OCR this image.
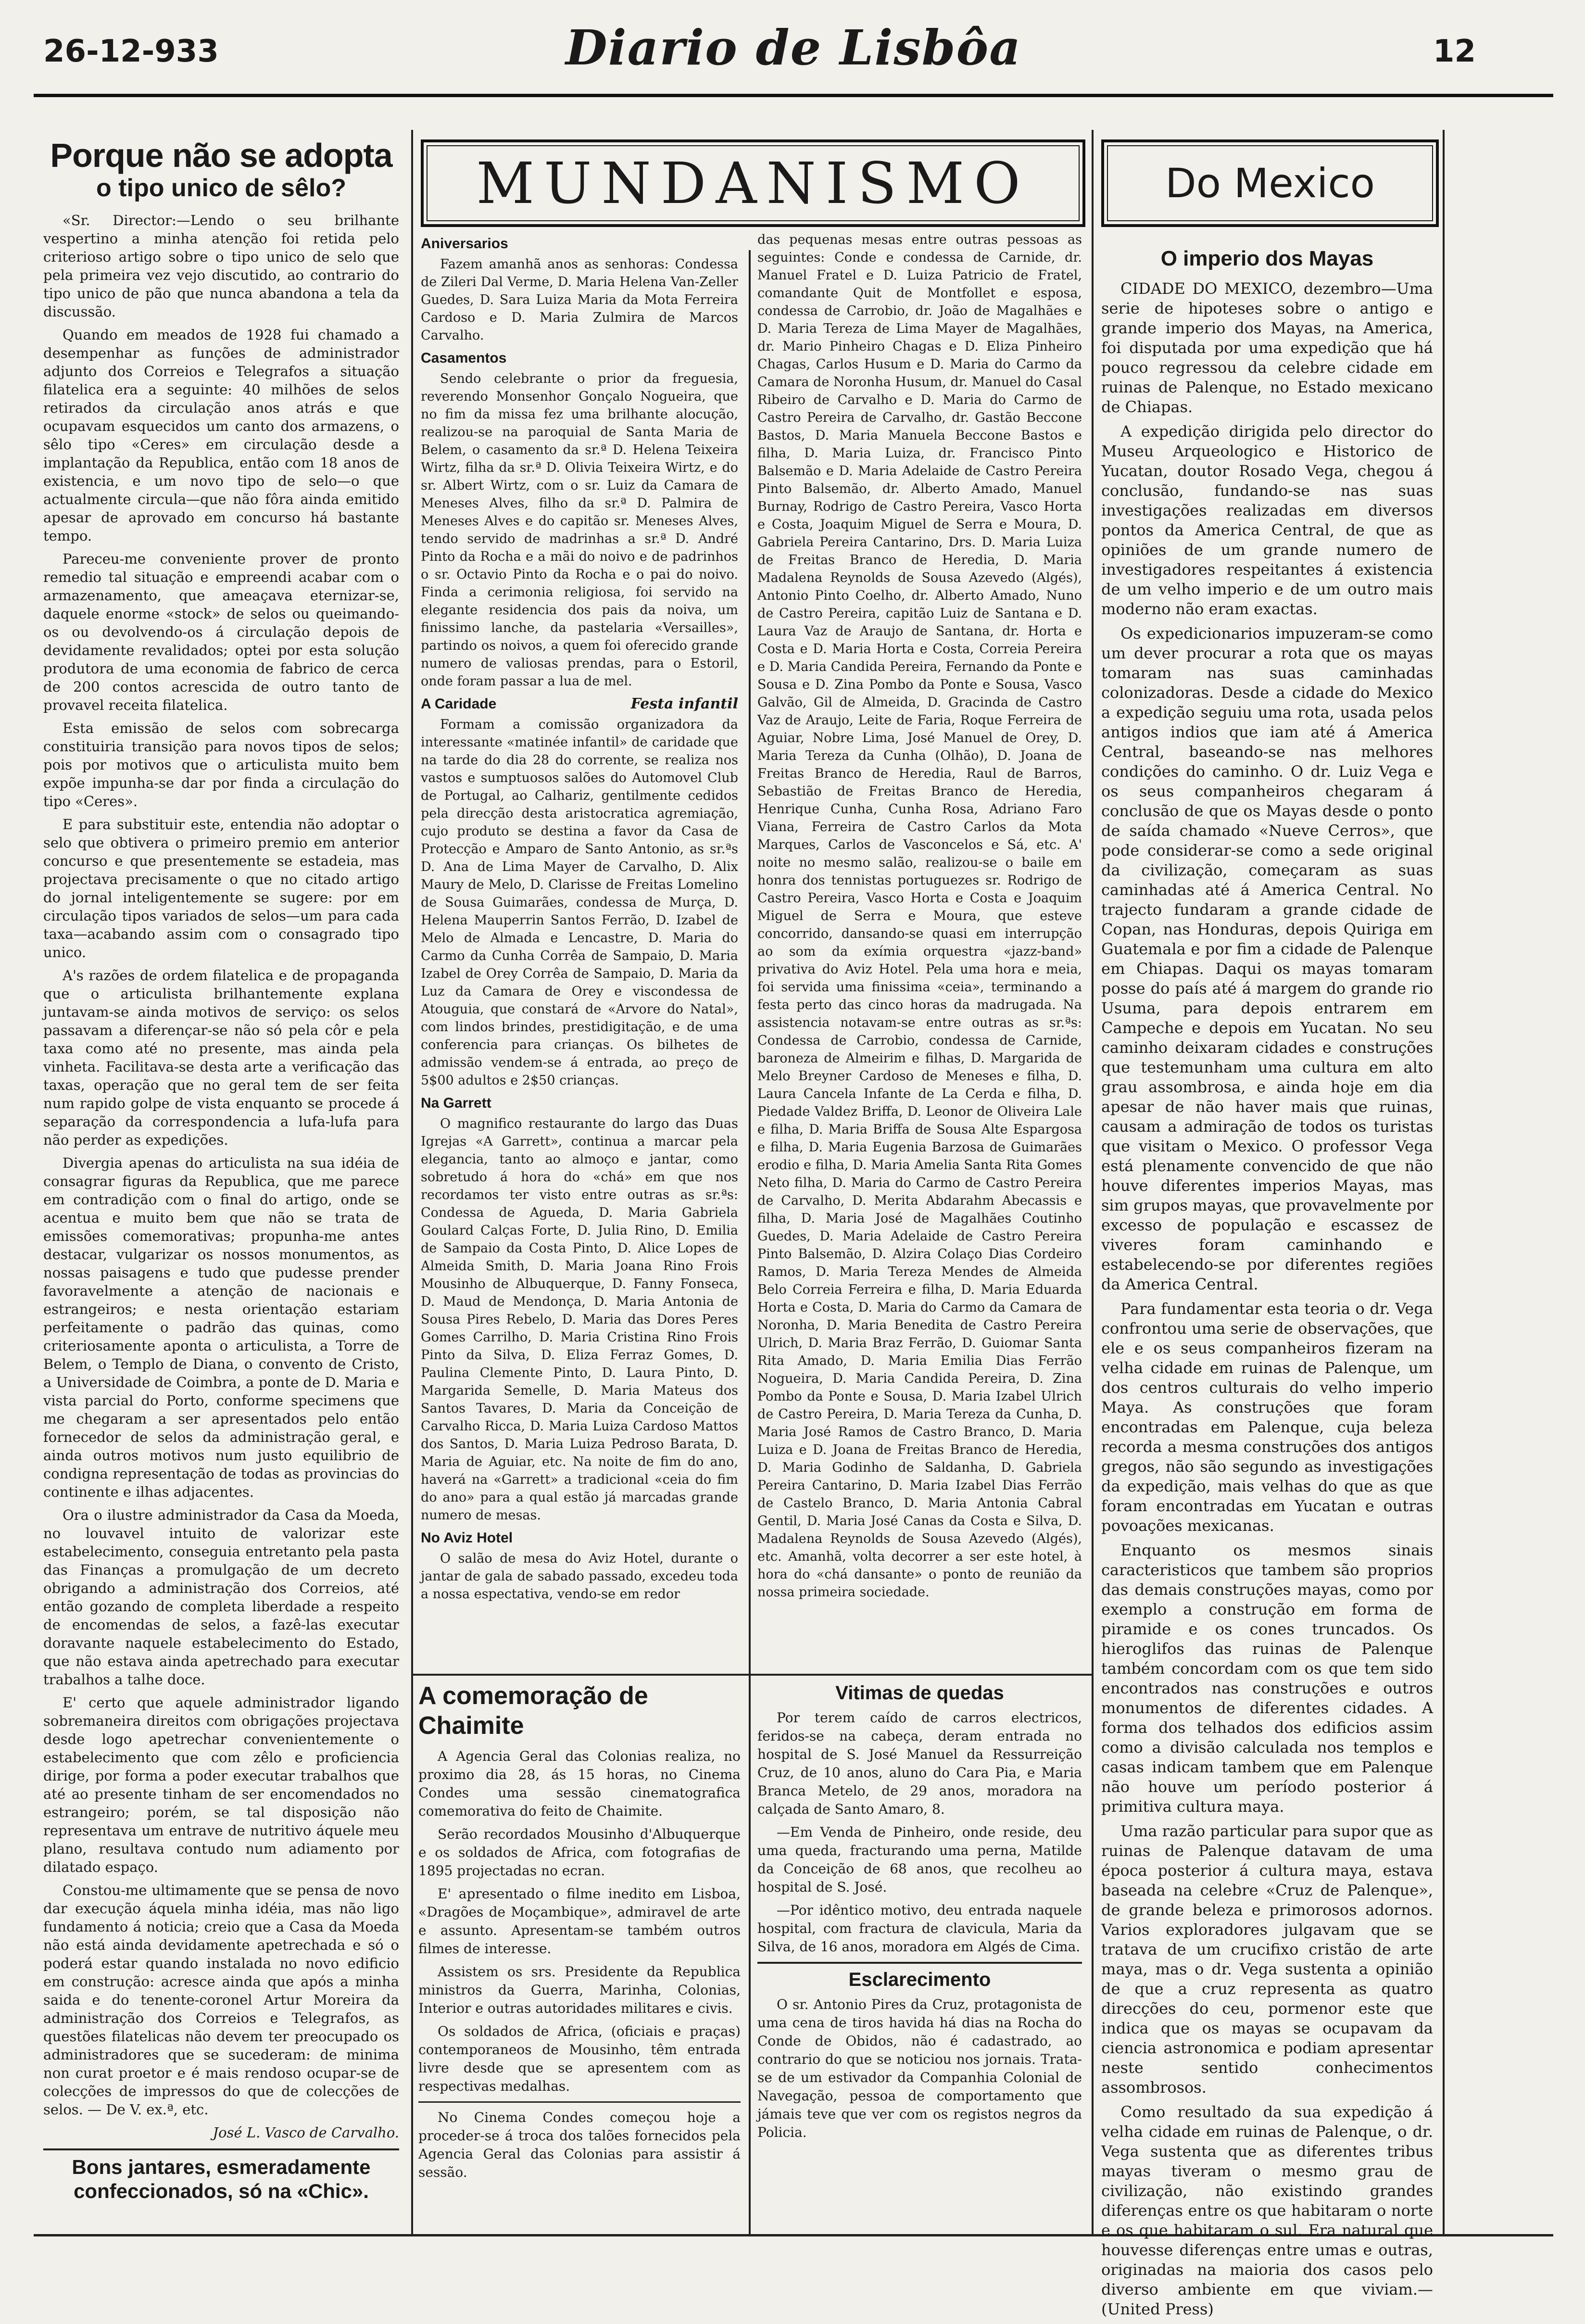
26-12-933	Diario de Lisbôa	12
Porque não se adopta
o tipo unico de sêlo?

«Sr. Director:—Lendo o seu brilhante vespertino a minha atenção foi retida pelo criterioso artigo sobre o tipo unico de selo que pela primeira vez vejo discutido, ao contrario do tipo unico de pão que nunca abandona a tela da discussão.

Quando em meados de 1928 fui chamado a desempenhar as funções de administrador adjunto dos Correios e Telegrafos a situação filatelica era a seguinte: 40 milhões de selos retirados da circulação anos atrás e que ocupavam esquecidos um canto dos armazens, o sêlo tipo «Ceres» em circulação desde a implantação da Republica, então com 18 anos de existencia, e um novo tipo de selo—o que actualmente circula—que não fôra ainda emitido apesar de aprovado em concurso há bastante tempo.

Pareceu-me conveniente prover de pronto remedio tal situação e empreendi acabar com o armazenamento, que ameaçava eternizar-se, daquele enorme «stock» de selos ou queimando-os ou devolvendo-os á circulação depois de devidamente revalidados; optei por esta solução produtora de uma economia de fabrico de cerca de 200 contos acrescida de outro tanto de provavel receita filatelica.

Esta emissão de selos com sobrecarga constituiria transição para novos tipos de selos; pois por motivos que o articulista muito bem expõe impunha-se dar por finda a circulação do tipo «Ceres».

E para substituir este, entendia não adoptar o selo que obtivera o primeiro premio em anterior concurso e que presentemente se estadeia, mas projectava precisamente o que no citado artigo do jornal inteligentemente se sugere: por em circulação tipos variados de selos—um para cada taxa—acabando assim com o consagrado tipo unico.

A's razões de ordem filatelica e de propaganda que o articulista brilhantemente explana juntavam-se ainda motivos de serviço: os selos passavam a diferençar-se não só pela côr e pela taxa como até no presente, mas ainda pela vinheta. Facilitava-se desta arte a verificação das taxas, operação que no geral tem de ser feita num rapido golpe de vista enquanto se procede á separação da correspondencia a lufa-lufa para não perder as expedições.

Divergia apenas do articulista na sua idéia de consagrar figuras da Republica, que me parece em contradição com o final do artigo, onde se acentua e muito bem que não se trata de emissões comemorativas; propunha-me antes destacar, vulgarizar os nossos monumentos, as nossas paisagens e tudo que pudesse prender favoravelmente a atenção de nacionais e estrangeiros; e nesta orientação estariam perfeitamente o padrão das quinas, como criteriosamente aponta o articulista, a Torre de Belem, o Templo de Diana, o convento de Cristo, a Universidade de Coimbra, a ponte de D. Maria e vista parcial do Porto, conforme specimens que me chegaram a ser apresentados pelo então fornecedor de selos da administração geral, e ainda outros motivos num justo equilibrio de condigna representação de todas as provincias do continente e ilhas adjacentes.

Ora o ilustre administrador da Casa da Moeda, no louvavel intuito de valorizar este estabelecimento, conseguia entretanto pela pasta das Finanças a promulgação de um decreto obrigando a administração dos Correios, até então gozando de completa liberdade a respeito de encomendas de selos, a fazê-las executar doravante naquele estabelecimento do Estado, que não estava ainda apetrechado para executar trabalhos a talhe doce.

E' certo que aquele administrador ligando sobremaneira direitos com obrigações projectava desde logo apetrechar convenientemente o estabelecimento que com zêlo e proficiencia dirige, por forma a poder executar trabalhos que até ao presente tinham de ser encomendados no estrangeiro; porém, se tal disposição não representava um entrave de nutritivo áquele meu plano, resultava contudo num adiamento por dilatado espaço.

Constou-me ultimamente que se pensa de novo dar execução áquela minha idéia, mas não ligo fundamento á noticia; creio que a Casa da Moeda não está ainda devidamente apetrechada e só o poderá estar quando instalada no novo edificio em construção: acresce ainda que após a minha saida e do tenente-coronel Artur Moreira da administração dos Correios e Telegrafos, as questões filatelicas não devem ter preocupado os administradores que se sucederam: de minima non curat proetor e é mais rendoso ocupar-se de colecções de impressos do que de colecções de selos. — De V. ex.ª, etc.

José L. Vasco de Carvalho.
Bons jantares, esmeradamente confeccionados, só na «Chic».
MUNDANISMO
Aniversarios

Fazem amanhã anos as senhoras: Condessa de Zileri Dal Verme, D. Maria Helena Van-Zeller Guedes, D. Sara Luiza Maria da Mota Ferreira Cardoso e D. Maria Zulmira de Marcos Carvalho.

Casamentos

Sendo celebrante o prior da freguesia, reverendo Monsenhor Gonçalo Nogueira, que no fim da missa fez uma brilhante alocução, realizou-se na paroquial de Santa Maria de Belem, o casamento da sr.ª D. Helena Teixeira Wirtz, filha da sr.ª D. Olivia Teixeira Wirtz, e do sr. Albert Wirtz, com o sr. Luiz da Camara de Meneses Alves, filho da sr.ª D. Palmira de Meneses Alves e do capitão sr. Meneses Alves, tendo servido de madrinhas a sr.ª D. André Pinto da Rocha e a mãi do noivo e de padrinhos o sr. Octavio Pinto da Rocha e o pai do noivo. Finda a cerimonia religiosa, foi servido na elegante residencia dos pais da noiva, um finissimo lanche, da pastelaria «Versailles», partindo os noivos, a quem foi oferecido grande numero de valiosas prendas, para o Estoril, onde foram passar a lua de mel.

A Caridade	Festa infantil

Formam a comissão organizadora da interessante «matinée infantil» de caridade que na tarde do dia 28 do corrente, se realiza nos vastos e sumptuosos salões do Automovel Club de Portugal, ao Calhariz, gentilmente cedidos pela direcção desta aristocratica agremiação, cujo produto se destina a favor da Casa de Protecção e Amparo de Santo Antonio, as sr.ªs D. Ana de Lima Mayer de Carvalho, D. Alix Maury de Melo, D. Clarisse de Freitas Lomelino de Sousa Guimarães, condessa de Murça, D. Helena Mauperrin Santos Ferrão, D. Izabel de Melo de Almada e Lencastre, D. Maria do Carmo da Cunha Corrêa de Sampaio, D. Maria Izabel de Orey Corrêa de Sampaio, D. Maria da Luz da Camara de Orey e viscondessa de Atouguia, que constará de «Arvore do Natal», com lindos brindes, prestidigitação, e de uma conferencia para crianças. Os bilhetes de admissão vendem-se á entrada, ao preço de 5$00 adultos e 2$50 crianças.

Na Garrett

O magnifico restaurante do largo das Duas Igrejas «A Garrett», continua a marcar pela elegancia, tanto ao almoço e jantar, como sobretudo á hora do «chá» em que nos recordamos ter visto entre outras as sr.ªs: Condessa de Agueda, D. Maria Gabriela Goulard Calças Forte, D. Julia Rino, D. Emilia de Sampaio da Costa Pinto, D. Alice Lopes de Almeida Smith, D. Maria Joana Rino Frois Mousinho de Albuquerque, D. Fanny Fonseca, D. Maud de Mendonça, D. Maria Antonia de Sousa Pires Rebelo, D. Maria das Dores Peres Gomes Carrilho, D. Maria Cristina Rino Frois Pinto da Silva, D. Eliza Ferraz Gomes, D. Paulina Clemente Pinto, D. Laura Pinto, D. Margarida Semelle, D. Maria Mateus dos Santos Tavares, D. Maria da Conceição de Carvalho Ricca, D. Maria Luiza Cardoso Mattos dos Santos, D. Maria Luiza Pedroso Barata, D. Maria de Aguiar, etc. Na noite de fim do ano, haverá na «Garrett» a tradicional «ceia do fim do ano» para a qual estão já marcadas grande numero de mesas.

No Aviz Hotel

O salão de mesa do Aviz Hotel, durante o jantar de gala de sabado passado, excedeu toda a nossa espectativa, vendo-se em redor

das pequenas mesas entre outras pessoas as seguintes: Conde e condessa de Carnide, dr. Manuel Fratel e D. Luiza Patricio de Fratel, comandante Quit de Montfollet e esposa, condessa de Carrobio, dr. João de Magalhães e D. Maria Tereza de Lima Mayer de Magalhães, dr. Mario Pinheiro Chagas e D. Eliza Pinheiro Chagas, Carlos Husum e D. Maria do Carmo da Camara de Noronha Husum, dr. Manuel do Casal Ribeiro de Carvalho e D. Maria do Carmo de Castro Pereira de Carvalho, dr. Gastão Beccone Bastos, D. Maria Manuela Beccone Bastos e filha, D. Maria Luiza, dr. Francisco Pinto Balsemão e D. Maria Adelaide de Castro Pereira Pinto Balsemão, dr. Alberto Amado, Manuel Burnay, Rodrigo de Castro Pereira, Vasco Horta e Costa, Joaquim Miguel de Serra e Moura, D. Gabriela Pereira Cantarino, Drs. D. Maria Luiza de Freitas Branco de Heredia, D. Maria Madalena Reynolds de Sousa Azevedo (Algés), Antonio Pinto Coelho, dr. Alberto Amado, Nuno de Castro Pereira, capitão Luiz de Santana e D. Laura Vaz de Araujo de Santana, dr. Horta e Costa e D. Maria Horta e Costa, Correia Pereira e D. Maria Candida Pereira, Fernando da Ponte e Sousa e D. Zina Pombo da Ponte e Sousa, Vasco Galvão, Gil de Almeida, D. Gracinda de Castro Vaz de Araujo, Leite de Faria, Roque Ferreira de Aguiar, Nobre Lima, José Manuel de Orey, D. Maria Tereza da Cunha (Olhão), D. Joana de Freitas Branco de Heredia, Raul de Barros, Sebastião de Freitas Branco de Heredia, Henrique Cunha, Cunha Rosa, Adriano Faro Viana, Ferreira de Castro Carlos da Mota Marques, Carlos de Vasconcelos e Sá, etc. A' noite no mesmo salão, realizou-se o baile em honra dos tennistas portuguezes sr. Rodrigo de Castro Pereira, Vasco Horta e Costa e Joaquim Miguel de Serra e Moura, que esteve concorrido, dansando-se quasi em interrupção ao som da exímia orquestra «jazz-band» privativa do Aviz Hotel. Pela uma hora e meia, foi servida uma finissima «ceia», terminando a festa perto das cinco horas da madrugada. Na assistencia notavam-se entre outras as sr.ªs: Condessa de Carrobio, condessa de Carnide, baroneza de Almeirim e filhas, D. Margarida de Melo Breyner Cardoso de Meneses e filha, D. Laura Cancela Infante de La Cerda e filha, D. Piedade Valdez Briffa, D. Leonor de Oliveira Lale e filha, D. Maria Briffa de Sousa Alte Espargosa e filha, D. Maria Eugenia Barzosa de Guimarães erodio e filha, D. Maria Amelia Santa Rita Gomes Neto filha, D. Maria do Carmo de Castro Pereira de Carvalho, D. Merita Abdarahm Abecassis e filha, D. Maria José de Magalhães Coutinho Guedes, D. Maria Adelaide de Castro Pereira Pinto Balsemão, D. Alzira Colaço Dias Cordeiro Ramos, D. Maria Tereza Mendes de Almeida Belo Correia Ferreira e filha, D. Maria Eduarda Horta e Costa, D. Maria do Carmo da Camara de Noronha, D. Maria Benedita de Castro Pereira Ulrich, D. Maria Braz Ferrão, D. Guiomar Santa Rita Amado, D. Maria Emilia Dias Ferrão Nogueira, D. Maria Candida Pereira, D. Zina Pombo da Ponte e Sousa, D. Maria Izabel Ulrich de Castro Pereira, D. Maria Tereza da Cunha, D. Maria José Ramos de Castro Branco, D. Maria Luiza e D. Joana de Freitas Branco de Heredia, D. Maria Godinho de Saldanha, D. Gabriela Pereira Cantarino, D. Maria Izabel Dias Ferrão de Castelo Branco, D. Maria Antonia Cabral Gentil, D. Maria José Canas da Costa e Silva, D. Madalena Reynolds de Sousa Azevedo (Algés), etc. Amanhã, volta decorrer a ser este hotel, à hora do «chá dansante» o ponto de reunião da nossa primeira sociedade.

A comemoração de Chaimite

A Agencia Geral das Colonias realiza, no proximo dia 28, ás 15 horas, no Cinema Condes uma sessão cinematografica comemorativa do feito de Chaimite.

Serão recordados Mousinho d'Albuquerque e os soldados de Africa, com fotografias de 1895 projectadas no ecran.

E' apresentado o filme inedito em Lisboa, «Dragões de Moçambique», admiravel de arte e assunto. Apresentam-se também outros filmes de interesse.

Assistem os srs. Presidente da Republica ministros da Guerra, Marinha, Colonias, Interior e outras autoridades militares e civis.

Os soldados de Africa, (oficiais e praças) contemporaneos de Mousinho, têm entrada livre desde que se apresentem com as respectivas medalhas.

No Cinema Condes começou hoje a proceder-se á troca dos talões fornecidos pela Agencia Geral das Colonias para assistir á sessão.

Vitimas de quedas

Por terem caído de carros electricos, feridos-se na cabeça, deram entrada no hospital de S. José Manuel da Ressurreição Cruz, de 10 anos, aluno do Cara Pia, e Maria Branca Metelo, de 29 anos, moradora na calçada de Santo Amaro, 8.

—Em Venda de Pinheiro, onde reside, deu uma queda, fracturando uma perna, Matilde da Conceição de 68 anos, que recolheu ao hospital de S. José.

—Por idêntico motivo, deu entrada naquele hospital, com fractura de clavicula, Maria da Silva, de 16 anos, moradora em Algés de Cima.

Esclarecimento

O sr. Antonio Pires da Cruz, protagonista de uma cena de tiros havida há dias na Rocha do Conde de Obidos, não é cadastrado, ao contrario do que se noticiou nos jornais. Trata-se de um estivador da Companhia Colonial de Navegação, pessoa de comportamento que jámais teve que ver com os registos negros da Policia.

Do Mexico
O imperio dos Mayas

CIDADE DO MEXICO, dezembro—Uma serie de hipoteses sobre o antigo e grande imperio dos Mayas, na America, foi disputada por uma expedição que há pouco regressou da celebre cidade em ruinas de Palenque, no Estado mexicano de Chiapas.

A expedição dirigida pelo director do Museu Arqueologico e Historico de Yucatan, doutor Rosado Vega, chegou á conclusão, fundando-se nas suas investigações realizadas em diversos pontos da America Central, de que as opiniões de um grande numero de investigadores respeitantes á existencia de um velho imperio e de um outro mais moderno não eram exactas.

Os expedicionarios impuzeram-se como um dever procurar a rota que os mayas tomaram nas suas caminhadas colonizadoras. Desde a cidade do Mexico a expedição seguiu uma rota, usada pelos antigos indios que iam até á America Central, baseando-se nas melhores condições do caminho. O dr. Luiz Vega e os seus companheiros chegaram á conclusão de que os Mayas desde o ponto de saída chamado «Nueve Cerros», que pode considerar-se como a sede original da civilização, começaram as suas caminhadas até á America Central. No trajecto fundaram a grande cidade de Copan, nas Honduras, depois Quiriga em Guatemala e por fim a cidade de Palenque em Chiapas. Daqui os mayas tomaram posse do país até á margem do grande rio Usuma, para depois entrarem em Campeche e depois em Yucatan. No seu caminho deixaram cidades e construções que testemunham uma cultura em alto grau assombrosa, e ainda hoje em dia apesar de não haver mais que ruinas, causam a admiração de todos os turistas que visitam o Mexico. O professor Vega está plenamente convencido de que não houve diferentes imperios Mayas, mas sim grupos mayas, que provavelmente por excesso de população e escassez de viveres foram caminhando e estabelecendo-se por diferentes regiões da America Central.

Para fundamentar esta teoria o dr. Vega confrontou uma serie de observações, que ele e os seus companheiros fizeram na velha cidade em ruinas de Palenque, um dos centros culturais do velho imperio Maya. As construções que foram encontradas em Palenque, cuja beleza recorda a mesma construções dos antigos gregos, não são segundo as investigações da expedição, mais velhas do que as que foram encontradas em Yucatan e outras povoações mexicanas.

Enquanto os mesmos sinais caracteristicos que tambem são proprios das demais construções mayas, como por exemplo a construção em forma de piramide e os cones truncados. Os hieroglifos das ruinas de Palenque também concordam com os que tem sido encontrados nas construções e outros monumentos de diferentes cidades. A forma dos telhados dos edificios assim como a divisão calculada nos templos e casas indicam tambem que em Palenque não houve um período posterior á primitiva cultura maya.

Uma razão particular para supor que as ruinas de Palenque datavam de uma época posterior á cultura maya, estava baseada na celebre «Cruz de Palenque», de grande beleza e primorosos adornos. Varios exploradores julgavam que se tratava de um crucifixo cristão de arte maya, mas o dr. Vega sustenta a opinião de que a cruz representa as quatro direcções do ceu, pormenor este que indica que os mayas se ocupavam da ciencia astronomica e podiam apresentar neste sentido conhecimentos assombrosos.

Como resultado da sua expedição á velha cidade em ruinas de Palenque, o dr. Vega sustenta que as diferentes tribus mayas tiveram o mesmo grau de civilização, não existindo grandes diferenças entre os que habitaram o norte e os que habitaram o sul. Era natural que houvesse diferenças entre umas e outras, originadas na maioria dos casos pelo diverso ambiente em que viviam.—(United Press)
